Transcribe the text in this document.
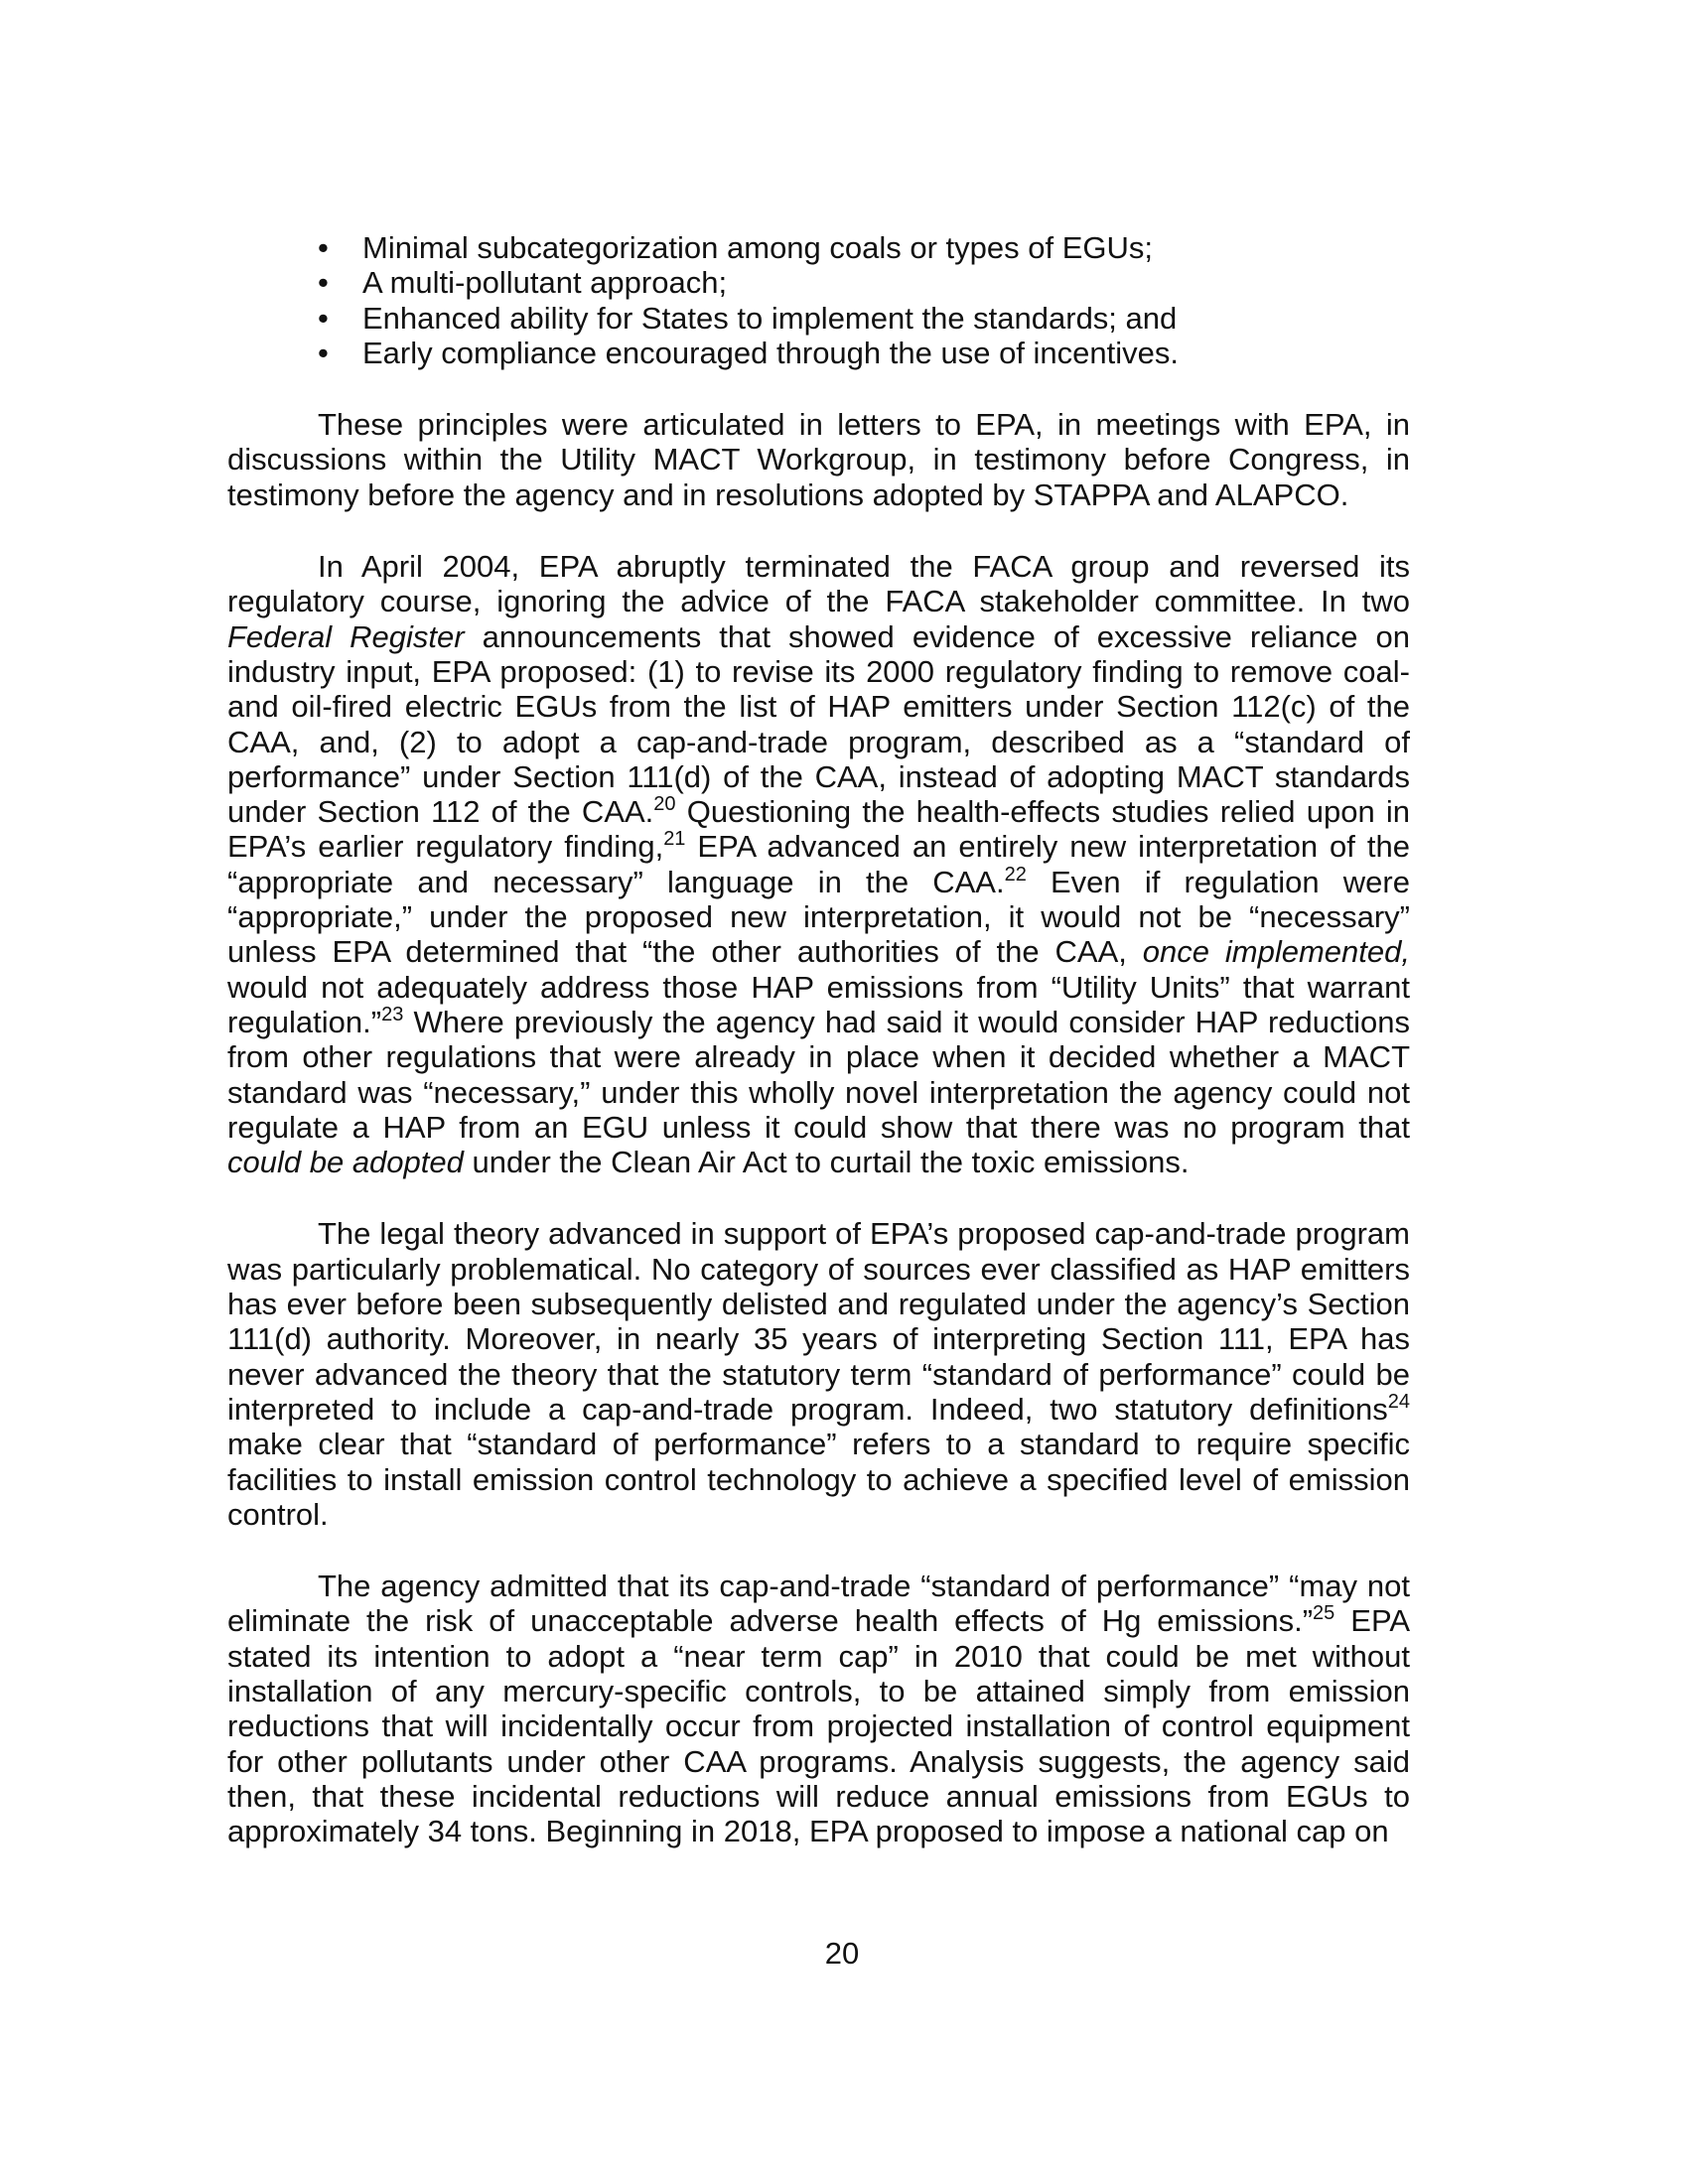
• Minimal subcategorization among coals or types of EGUs;
• A multi-pollutant approach;
• Enhanced ability for States to implement the standards; and
• Early compliance encouraged through the use of incentives.

These principles were articulated in letters to EPA, in meetings with EPA, in discussions within the Utility MACT Workgroup, in testimony before Congress, in testimony before the agency and in resolutions adopted by STAPPA and ALAPCO.

In April 2004, EPA abruptly terminated the FACA group and reversed its regulatory course, ignoring the advice of the FACA stakeholder committee. In two Federal Register announcements that showed evidence of excessive reliance on industry input, EPA proposed: (1) to revise its 2000 regulatory finding to remove coal- and oil-fired electric EGUs from the list of HAP emitters under Section 112(c) of the CAA, and, (2) to adopt a cap-and-trade program, described as a “standard of performance” under Section 111(d) of the CAA, instead of adopting MACT standards under Section 112 of the CAA.$^{20}$ Questioning the health-effects studies relied upon in EPA’s earlier regulatory finding,$^{21}$ EPA advanced an entirely new interpretation of the “appropriate and necessary” language in the CAA.$^{22}$ Even if regulation were “appropriate,” under the proposed new interpretation, it would not be “necessary” unless EPA determined that “the other authorities of the CAA, once implemented, would not adequately address those HAP emissions from “Utility Units” that warrant regulation.”$^{23}$ Where previously the agency had said it would consider HAP reductions from other regulations that were already in place when it decided whether a MACT standard was “necessary,” under this wholly novel interpretation the agency could not regulate a HAP from an EGU unless it could show that there was no program that could be adopted under the Clean Air Act to curtail the toxic emissions.

The legal theory advanced in support of EPA’s proposed cap-and-trade program was particularly problematical. No category of sources ever classified as HAP emitters has ever before been subsequently delisted and regulated under the agency’s Section 111(d) authority. Moreover, in nearly 35 years of interpreting Section 111, EPA has never advanced the theory that the statutory term “standard of performance” could be interpreted to include a cap-and-trade program. Indeed, two statutory definitions$^{24}$ make clear that “standard of performance” refers to a standard to require specific facilities to install emission control technology to achieve a specified level of emission control.

The agency admitted that its cap-and-trade “standard of performance” “may not eliminate the risk of unacceptable adverse health effects of Hg emissions.”$^{25}$ EPA stated its intention to adopt a “near term cap” in 2010 that could be met without installation of any mercury-specific controls, to be attained simply from emission reductions that will incidentally occur from projected installation of control equipment for other pollutants under other CAA programs. Analysis suggests, the agency said then, that these incidental reductions will reduce annual emissions from EGUs to approximately 34 tons. Beginning in 2018, EPA proposed to impose a national cap on

20
